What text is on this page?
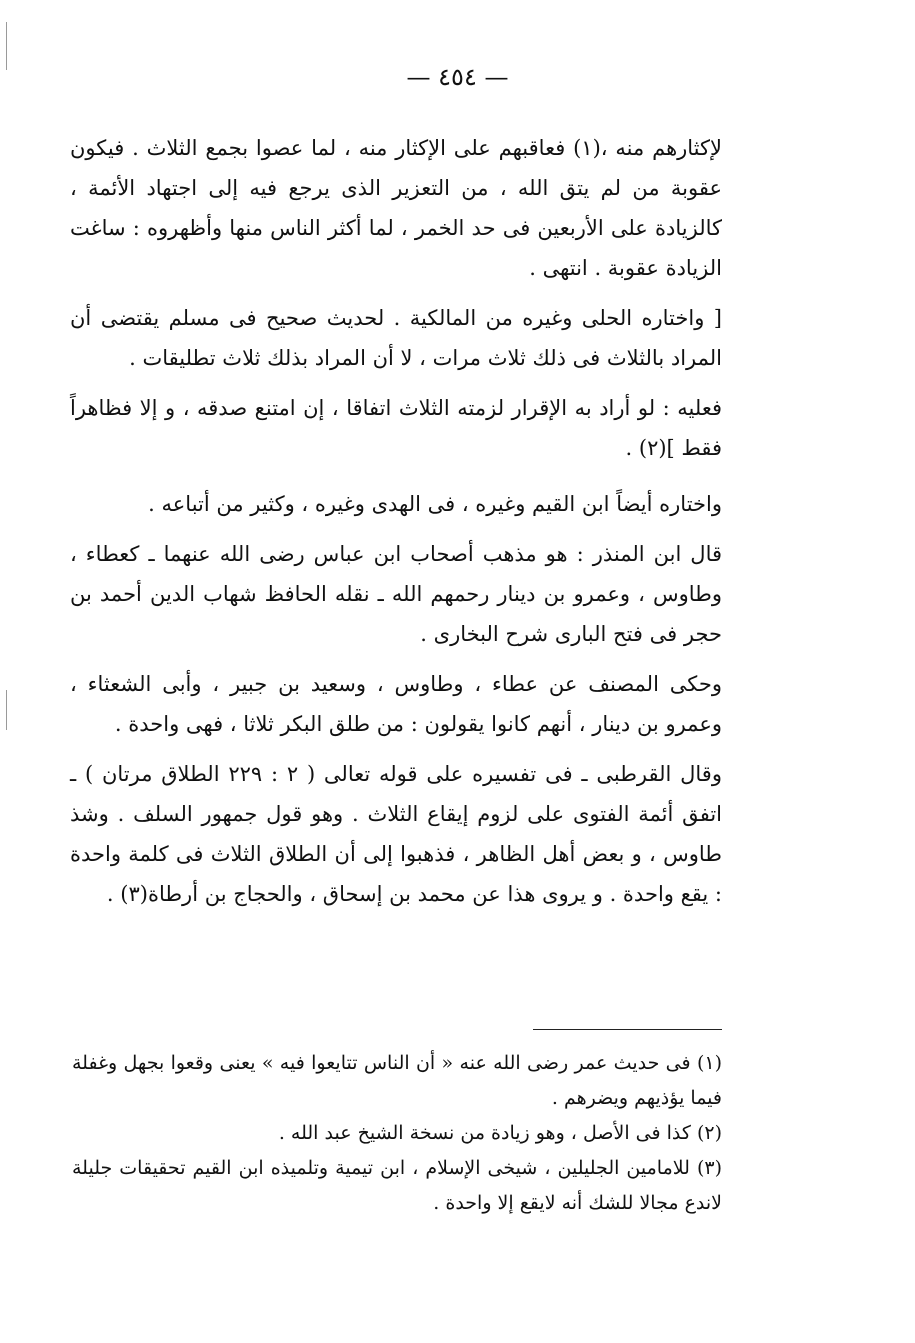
— ٤٥٤ —

لإكثارهم منه ،(١) فعاقبهم على الإكثار منه ، لما عصوا بجمع الثلاث . فيكون عقوبة من لم يتق الله ، من التعزير الذى يرجع فيه إلى اجتهاد الأئمة ، كالزيادة على الأربعين فى حد الخمر ، لما أكثر الناس منها وأظهروه : ساغت الزيادة عقوبة . انتهى .

[ واختاره الحلى وغيره من المالكية . لحديث صحيح فى مسلم يقتضى أن المراد بالثلاث فى ذلك ثلاث مرات ، لا أن المراد بذلك ثلاث تطليقات .

فعليه : لو أراد به الإقرار لزمته الثلاث اتفاقا ، إن امتنع صدقه ، و إلا فظاهراً فقط ](٢) .

واختاره أيضاً ابن القيم وغيره ، فى الهدى وغيره ، وكثير من أتباعه .

قال ابن المنذر : هو مذهب أصحاب ابن عباس رضى الله عنهما ـ كعطاء ، وطاوس ، وعمرو بن دينار رحمهم الله ـ نقله الحافظ شهاب الدين أحمد بن حجر فى فتح البارى شرح البخارى .

وحكى المصنف عن عطاء ، وطاوس ، وسعيد بن جبير ، وأبى الشعثاء ، وعمرو بن دينار ، أنهم كانوا يقولون : من طلق البكر ثلاثا ، فهى واحدة .

وقال القرطبى ـ فى تفسيره على قوله تعالى ( ٢ : ٢٢٩ الطلاق مرتان ) ـ اتفق أئمة الفتوى على لزوم إيقاع الثلاث . وهو قول جمهور السلف . وشذ طاوس ، و بعض أهل الظاهر ، فذهبوا إلى أن الطلاق الثلاث فى كلمة واحدة : يقع واحدة . و يروى هذا عن محمد بن إسحاق ، والحجاج بن أرطاة(٣) .

(١) فى حديث عمر رضى الله عنه « أن الناس تتايعوا فيه » يعنى وقعوا بجهل وغفلة فيما يؤذيهم ويضرهم .

(٢) كذا فى الأصل ، وهو زيادة من نسخة الشيخ عبد الله .

(٣) للامامين الجليلين ، شيخى الإسلام ، ابن تيمية وتلميذه ابن القيم تحقيقات جليلة لاندع مجالا للشك أنه لايقع إلا واحدة .
